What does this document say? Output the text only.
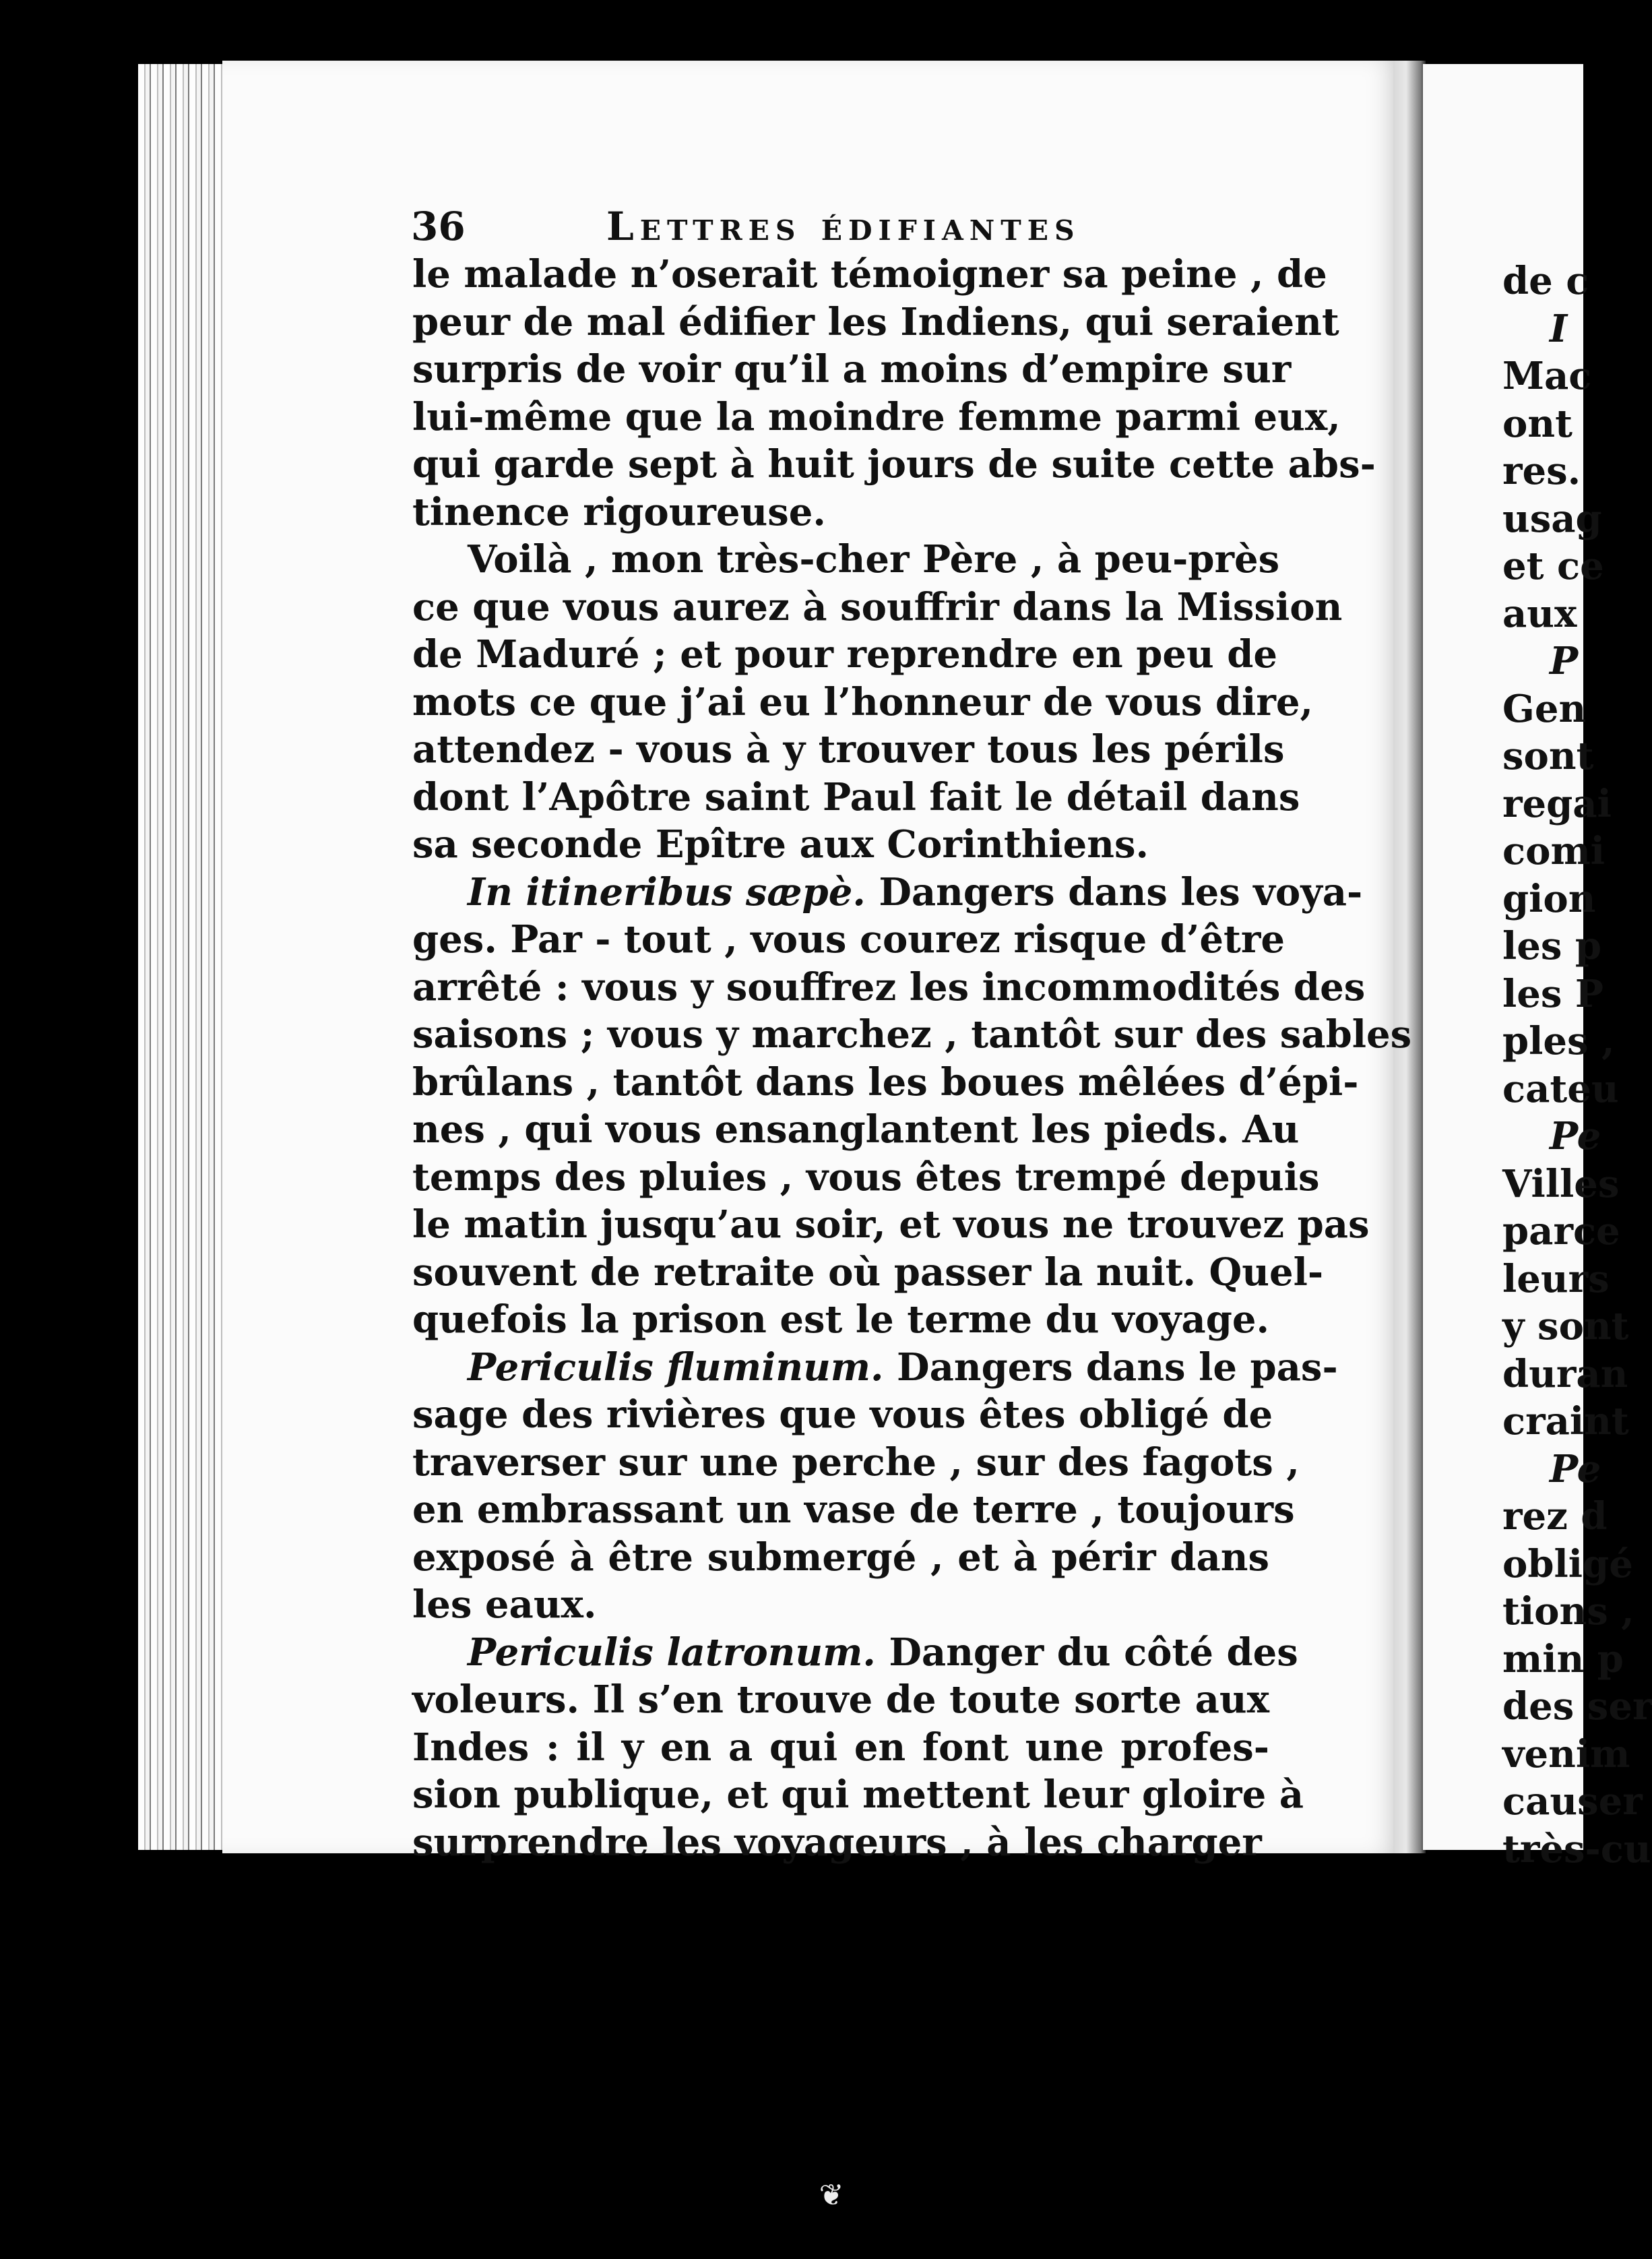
36	Lettres édifiantes
le malade n’oserait témoigner sa peine , de
peur de mal édifier les Indiens, qui seraient
surpris de voir qu’il a moins d’empire sur
lui-même que la moindre femme parmi eux,
qui garde sept à huit jours de suite cette abs-
tinence rigoureuse.
Voilà , mon très-cher Père , à peu-près
ce que vous aurez à souffrir dans la Mission
de Maduré ; et pour reprendre en peu de
mots ce que j’ai eu l’honneur de vous dire,
attendez - vous à y trouver tous les périls
dont l’Apôtre saint Paul fait le détail dans
sa seconde Epître aux Corinthiens.
In itineribus sæpè. Dangers dans les voya-
ges. Par - tout , vous courez risque d’être
arrêté : vous y souffrez les incommodités des
saisons ; vous y marchez , tantôt sur des sables
brûlans , tantôt dans les boues mêlées d’épi-
nes , qui vous ensanglantent les pieds. Au
temps des pluies , vous êtes trempé depuis
le matin jusqu’au soir, et vous ne trouvez pas
souvent de retraite où passer la nuit. Quel-
quefois la prison est le terme du voyage.
Periculis fluminum. Dangers dans le pas-
sage des rivières que vous êtes obligé de
traverser sur une perche , sur des fagots ,
en embrassant un vase de terre , toujours
exposé à être submergé , et à périr dans
les eaux.
Periculis latronum. Danger du côté des
voleurs. Il s’en trouve de toute sorte aux
Indes : il y en a qui en font une profes-
sion publique, et qui mettent leur gloire à
surprendre les voyageurs , à les charger
de c
I
Mac
ont
res.
usag
et ce
aux
P
Gen
sont
regai
comi
gion
les p
les P
ples ,
cateu
Pe
Villes
parce
leurs
y sont
duran
craint
Pe
rez d
obligé
tions ,
min p
des ser
venim
causer
très-cu
❦
